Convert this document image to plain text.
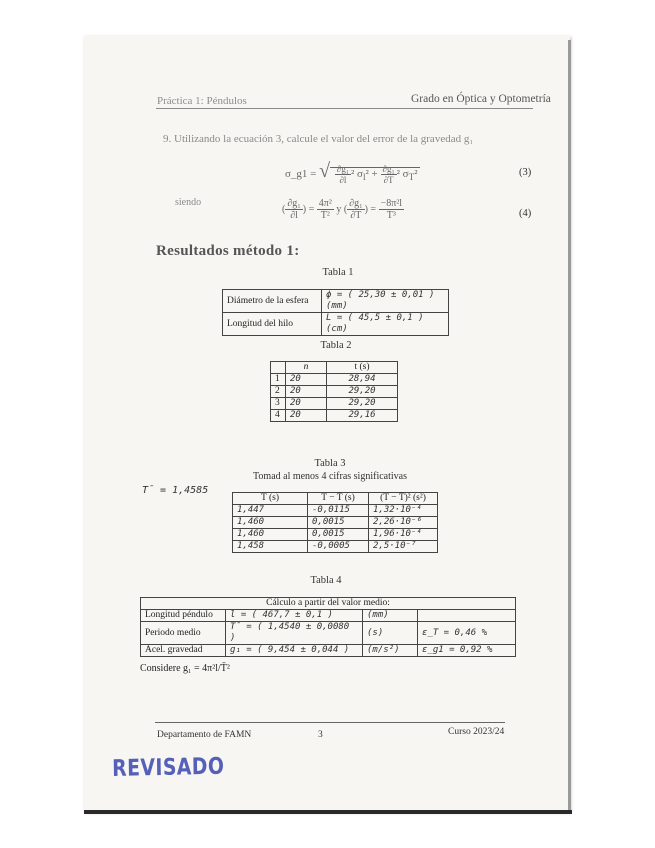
Práctica 1: Péndulos	Grado en Óptica y Optometría
9. Utilizando la ecuación 3, calcule el valor del error de la gravedad g₁
σ_g1 = √ $\frac{\text{∂g₁}}{\partial l} ^2$ $\sigma_l^2 + \frac{\text{∂g₁}}{\partial T} ^2$ $\sigma_T^2$	(3)
siendo
( $\frac{\text{∂g₁}}{\partial l}$ ) = $\frac{\text{4π²}}{\text{T̄²}}$ y ( $\frac{\text{∂g₁}}{\partial T}$ ) = $\frac{\text{−8π²l}}{\text{T̄³}}$	(4)
Resultados método 1:
Tabla 1
Diámetro de la esfera	ϕ = ( 25,30 ± 0,01 ) (mm)
Longitud del hilo	L = ( 45,5 ± 0,1 ) (cm)
Tabla 2
	n	t (s)
1	20	28,94
2	20	29,20
3	20	29,20
4	20	29,16
Tabla 3
Tomad al menos 4 cifras significativas
T̄ = 1,4585
T (s)	T − T̄ (s)	(T − T̄)² (s²)
1,447	-0,0115	1,32·10⁻⁴
1,460	0,0015	2,26·10⁻⁶
1,460	0,0015	1,96·10⁻⁴
1,458	-0,0005	2,5·10⁻⁷
Tabla 4
Cálculo a partir del valor medio:			
Longitud péndulo	l = ( 467,7 ± 0,1 )	(mm)	
Periodo medio	T̄ = ( 1,4540 ± 0,0080 )	(s)	ε_T = 0,46 %
Acel. gravedad	g₁ = ( 9,454 ± 0,044 )	(m/s²)	ε_g1 = 0,92 %
Considere g₁ = 4π²l/T̄²
Departamento de FAMN	3	Curso 2023/24
REVISADO
